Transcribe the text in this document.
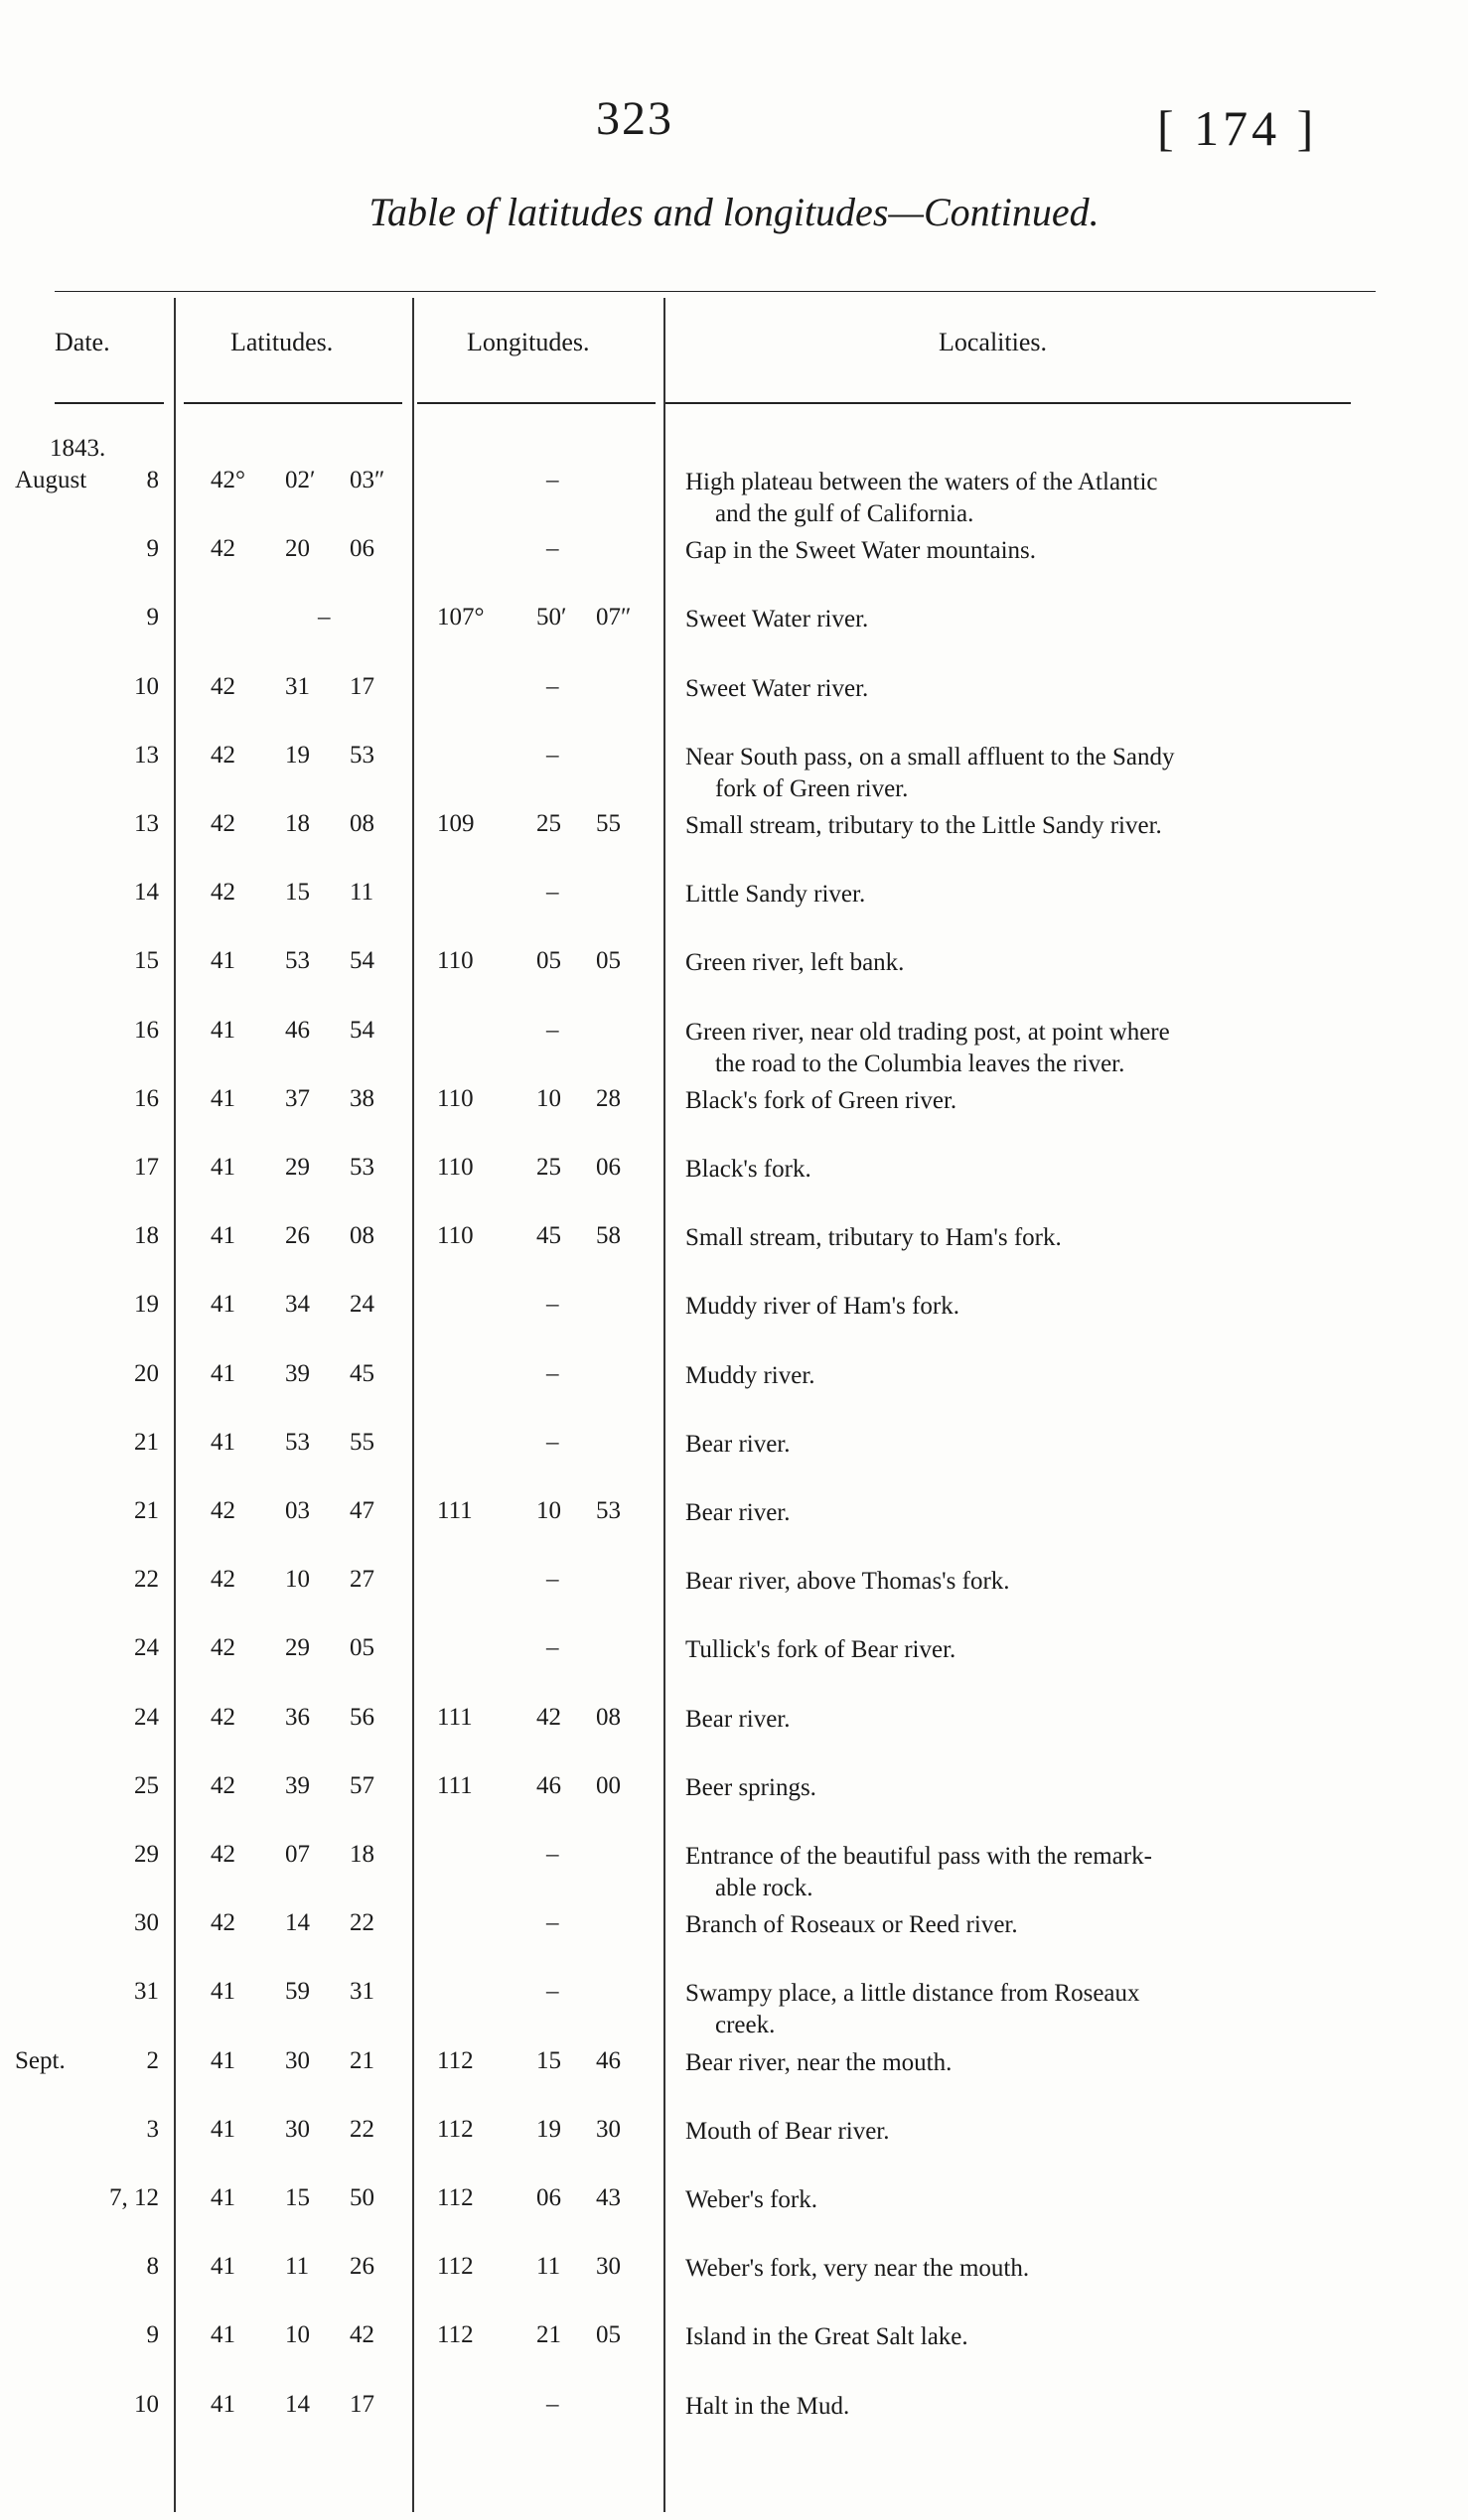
323	[ 174 ]
Table of latitudes and longitudes—Continued.
Date.	Latitudes.	Longitudes.	Localities.
1843.
August	8 42° 02′	03″	–	High plateau between the waters of the Atlantic
and the gulf of California.
9 42	20	06	–	Gap in the Sweet Water mountains.
9	–	107°	50′	07″	Sweet Water river.
10 42	31	17	–	Sweet Water river.
13 42	19	53	–	Near South pass, on a small affluent to the Sandy
fork of Green river.
13 42	18	08	109	25	55	Small stream, tributary to the Little Sandy river.
14 42	15	11	–	Little Sandy river.
15 41	53	54	110	05	05	Green river, left bank.
16 41	46	54	–	Green river, near old trading post, at point where
the road to the Columbia leaves the river.
16 41	37	38	110	10	28	Black's fork of Green river.
17 41	29	53	110	25	06	Black's fork.
18 41	26	08	110	45	58	Small stream, tributary to Ham's fork.
19 41	34	24	–	Muddy river of Ham's fork.
20 41	39	45	–	Muddy river.
21 41	53	55	–	Bear river.
21 42	03	47	111	10	53	Bear river.
22 42	10	27	–	Bear river, above Thomas's fork.
24 42	29	05	–	Tullick's fork of Bear river.
24 42	36	56	111	42	08	Bear river.
25 42	39	57	111	46	00	Beer springs.
29 42	07	18	–	Entrance of the beautiful pass with the remark-
able rock.
30 42	14	22	–	Branch of Roseaux or Reed river.
31 41	59	31	–	Swampy place, a little distance from Roseaux
creek.
Sept.	2 41	30	21	112	15	46	Bear river, near the mouth.
3 41	30	22	112	19	30	Mouth of Bear river.
7, 12 41	15	50	112	06	43	Weber's fork.
8 41	11	26	112	11	30	Weber's fork, very near the mouth.
9 41	10	42	112	21	05	Island in the Great Salt lake.
10 41	14	17	–	Halt in the Mud.
